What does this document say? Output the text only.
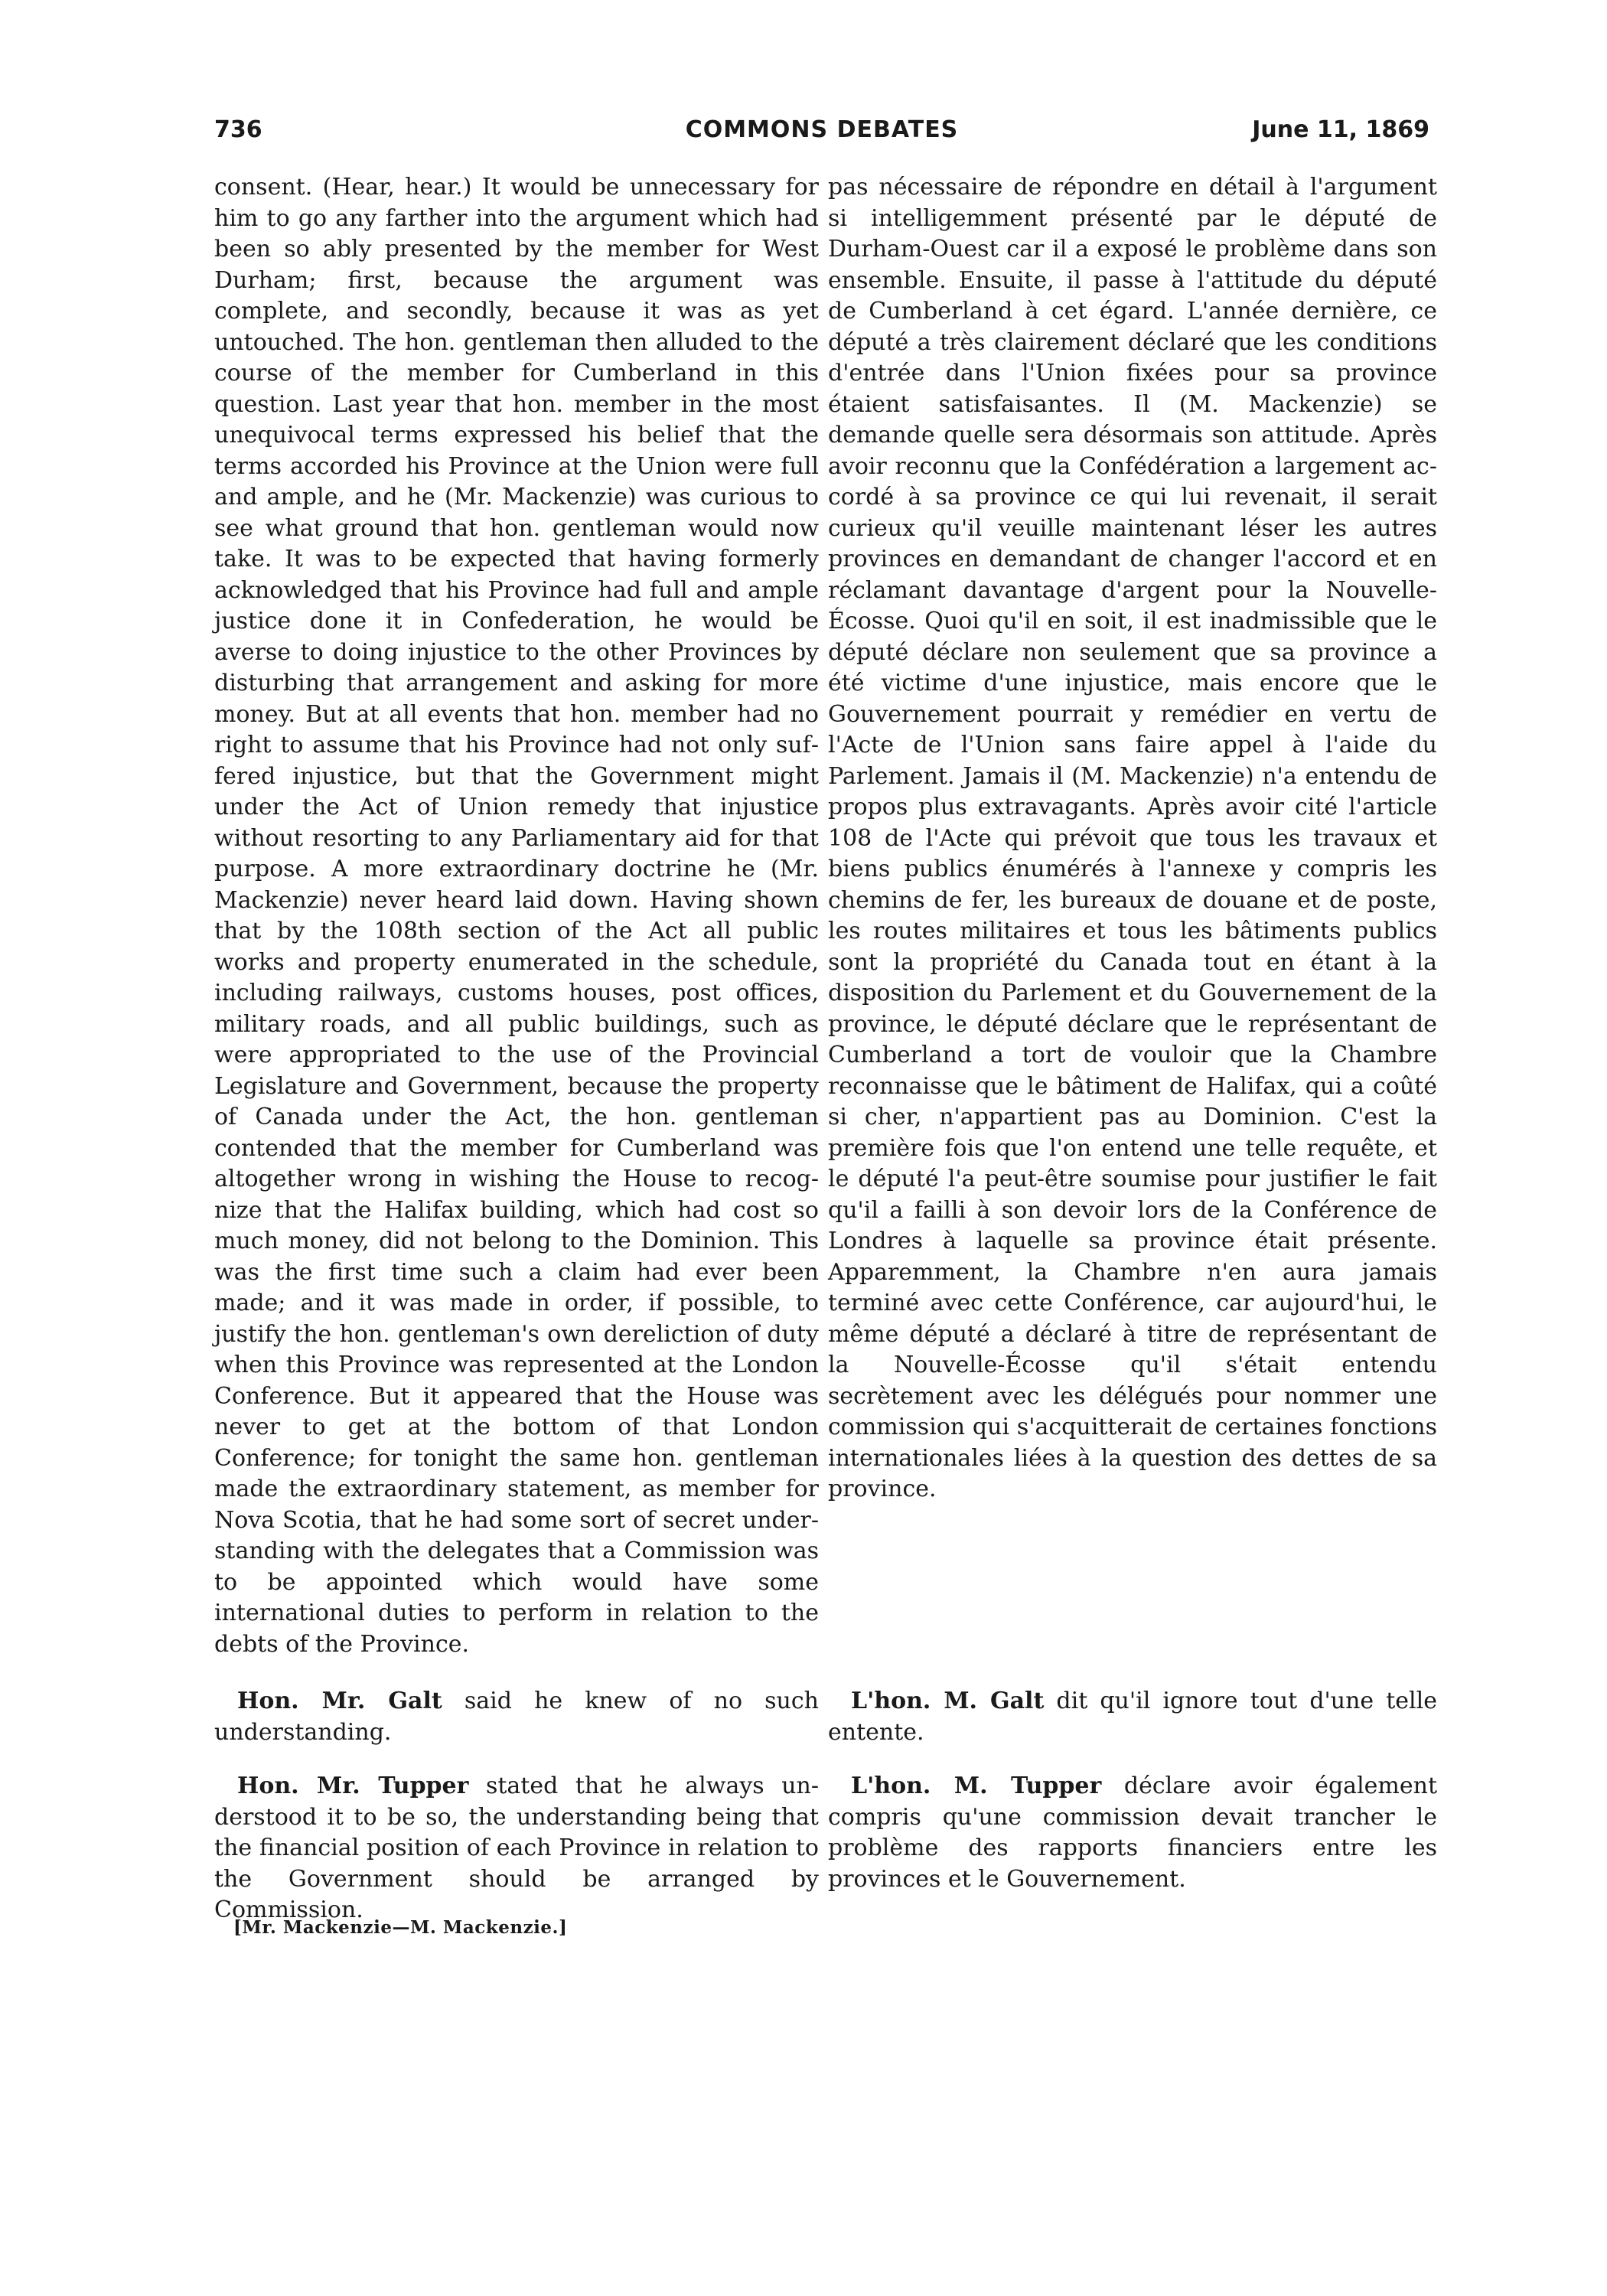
736	COMMONS DEBATES	June 11, 1869

consent. (Hear, hear.) It would be unnecessary for him to go any farther into the argument which had been so ably presented by the member for West Durham; first, because the argument was complete, and secondly, because it was as yet untouched. The hon. gentleman then alluded to the course of the member for Cumberland in this question. Last year that hon. member in the most unequivocal terms expressed his belief that the terms accorded his Province at the Union were full and ample, and he (Mr. Mackenzie) was curious to see what ground that hon. gentleman would now take. It was to be expected that having formerly acknowledged that his Province had full and ample justice done it in Confederation, he would be averse to doing injustice to the other Provinces by disturbing that arrangement and asking for more money. But at all events that hon. member had no right to assume that his Province had not only suffered injustice, but that the Government might under the Act of Union remedy that injustice without resorting to any Parliamentary aid for that purpose. A more extraordinary doctrine he (Mr. Mackenzie) never heard laid down. Having shown that by the 108th section of the Act all public works and property enumerated in the schedule, including railways, customs houses, post offices, military roads, and all public buildings, such as were appropriated to the use of the Provincial Legislature and Government, because the property of Canada under the Act, the hon. gentleman contended that the member for Cumberland was altogether wrong in wishing the House to recognize that the Halifax building, which had cost so much money, did not belong to the Dominion. This was the first time such a claim had ever been made; and it was made in order, if possible, to justify the hon. gentleman's own dereliction of duty when this Province was represented at the London Conference. But it appeared that the House was never to get at the bottom of that London Conference; for tonight the same hon. gentleman made the extraordinary statement, as member for Nova Scotia, that he had some sort of secret understanding with the delegates that a Commission was to be appointed which would have some international duties to perform in relation to the debts of the Province.

pas nécessaire de répondre en détail à l'argument si intelligemment présenté par le député de Durham-Ouest car il a exposé le problème dans son ensemble. Ensuite, il passe à l'attitude du député de Cumberland à cet égard. L'année dernière, ce député a très clairement déclaré que les conditions d'entrée dans l'Union fixées pour sa province étaient satisfaisantes. Il (M. Mackenzie) se demande quelle sera désormais son attitude. Après avoir reconnu que la Confédération a largement accordé à sa province ce qui lui revenait, il serait curieux qu'il veuille maintenant léser les autres provinces en demandant de changer l'accord et en réclamant davantage d'argent pour la Nouvelle-Écosse. Quoi qu'il en soit, il est inadmissible que le député déclare non seulement que sa province a été victime d'une injustice, mais encore que le Gouvernement pourrait y remédier en vertu de l'Acte de l'Union sans faire appel à l'aide du Parlement. Jamais il (M. Mackenzie) n'a entendu de propos plus extravagants. Après avoir cité l'article 108 de l'Acte qui prévoit que tous les travaux et biens publics énumérés à l'annexe y compris les chemins de fer, les bureaux de douane et de poste, les routes militaires et tous les bâtiments publics sont la propriété du Canada tout en étant à la disposition du Parlement et du Gouvernement de la province, le député déclare que le représentant de Cumberland a tort de vouloir que la Chambre reconnaisse que le bâtiment de Halifax, qui a coûté si cher, n'appartient pas au Dominion. C'est la première fois que l'on entend une telle requête, et le député l'a peut-être soumise pour justifier le fait qu'il a failli à son devoir lors de la Conférence de Londres à laquelle sa province était présente. Apparemment, la Chambre n'en aura jamais terminé avec cette Conférence, car aujourd'hui, le même député a déclaré à titre de représentant de la Nouvelle-Écosse qu'il s'était entendu secrètement avec les délégués pour nommer une commission qui s'acquitterait de certaines fonctions internationales liées à la question des dettes de sa province.

Hon. Mr. Galt said he knew of no such understanding.

Hon. Mr. Tupper stated that he always understood it to be so, the understanding being that the financial position of each Province in relation to the Government should be arranged by Commission.

L'hon. M. Galt dit qu'il ignore tout d'une telle entente.

L'hon. M. Tupper déclare avoir également compris qu'une commission devait trancher le problème des rapports financiers entre les provinces et le Gouvernement.

[Mr. Mackenzie—M. Mackenzie.]
